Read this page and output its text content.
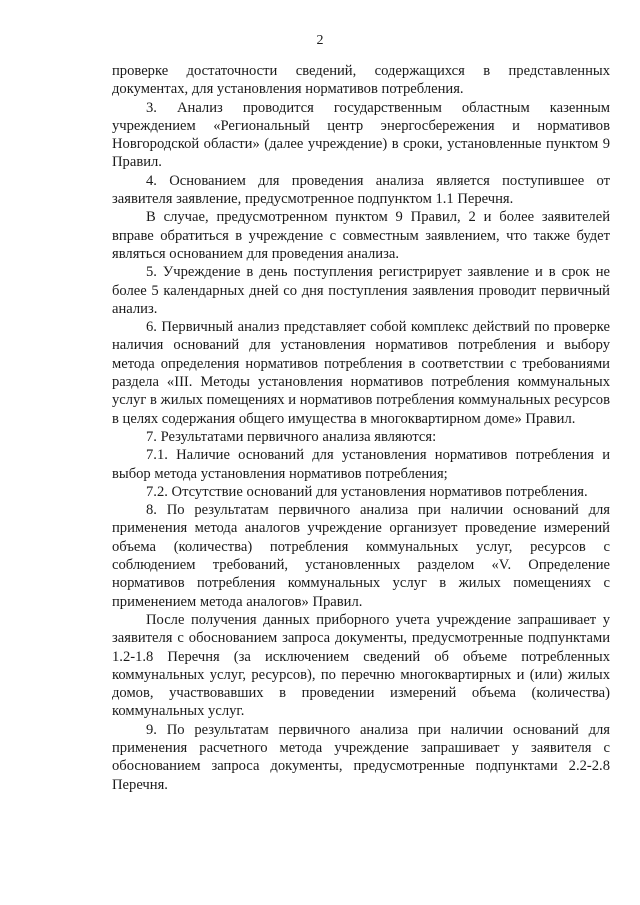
2

проверке достаточности сведений, содержащихся в представленных документах, для установления нормативов потребления.

3. Анализ проводится государственным областным казенным учреждением «Региональный центр энергосбережения и нормативов Новгородской области» (далее учреждение) в сроки, установленные пунктом 9 Правил.

4. Основанием для проведения анализа является поступившее от заявителя заявление, предусмотренное подпунктом 1.1 Перечня.

В случае, предусмотренном пунктом 9 Правил, 2 и более заявителей вправе обратиться в учреждение с совместным заявлением, что также будет являться основанием для проведения анализа.

5. Учреждение в день поступления регистрирует заявление и в срок не более 5 календарных дней со дня поступления заявления проводит первичный анализ.

6. Первичный анализ представляет собой комплекс действий по проверке наличия оснований для установления нормативов потребления и выбору метода определения нормативов потребления в соответствии с требованиями раздела «III. Методы установления нормативов потребления коммунальных услуг в жилых помещениях и нормативов потребления коммунальных ресурсов в целях содержания общего имущества в многоквартирном доме» Правил.

7. Результатами первичного анализа являются:

7.1. Наличие оснований для установления нормативов потребления и выбор метода установления нормативов потребления;

7.2. Отсутствие оснований для установления нормативов потребления.

8. По результатам первичного анализа при наличии оснований для применения метода аналогов учреждение организует проведение измерений объема (количества) потребления коммунальных услуг, ресурсов с соблюдением требований, установленных разделом «V. Определение нормативов потребления коммунальных услуг в жилых помещениях с применением метода аналогов» Правил.

После получения данных приборного учета учреждение запрашивает у заявителя с обоснованием запроса документы, предусмотренные подпунктами 1.2-1.8 Перечня (за исключением сведений об объеме потребленных коммунальных услуг, ресурсов), по перечню многоквартирных и (или) жилых домов, участвовавших в проведении измерений объема (количества) коммунальных услуг.

9. По результатам первичного анализа при наличии оснований для применения расчетного метода учреждение запрашивает у заявителя с обоснованием запроса документы, предусмотренные подпунктами 2.2-2.8 Перечня.
